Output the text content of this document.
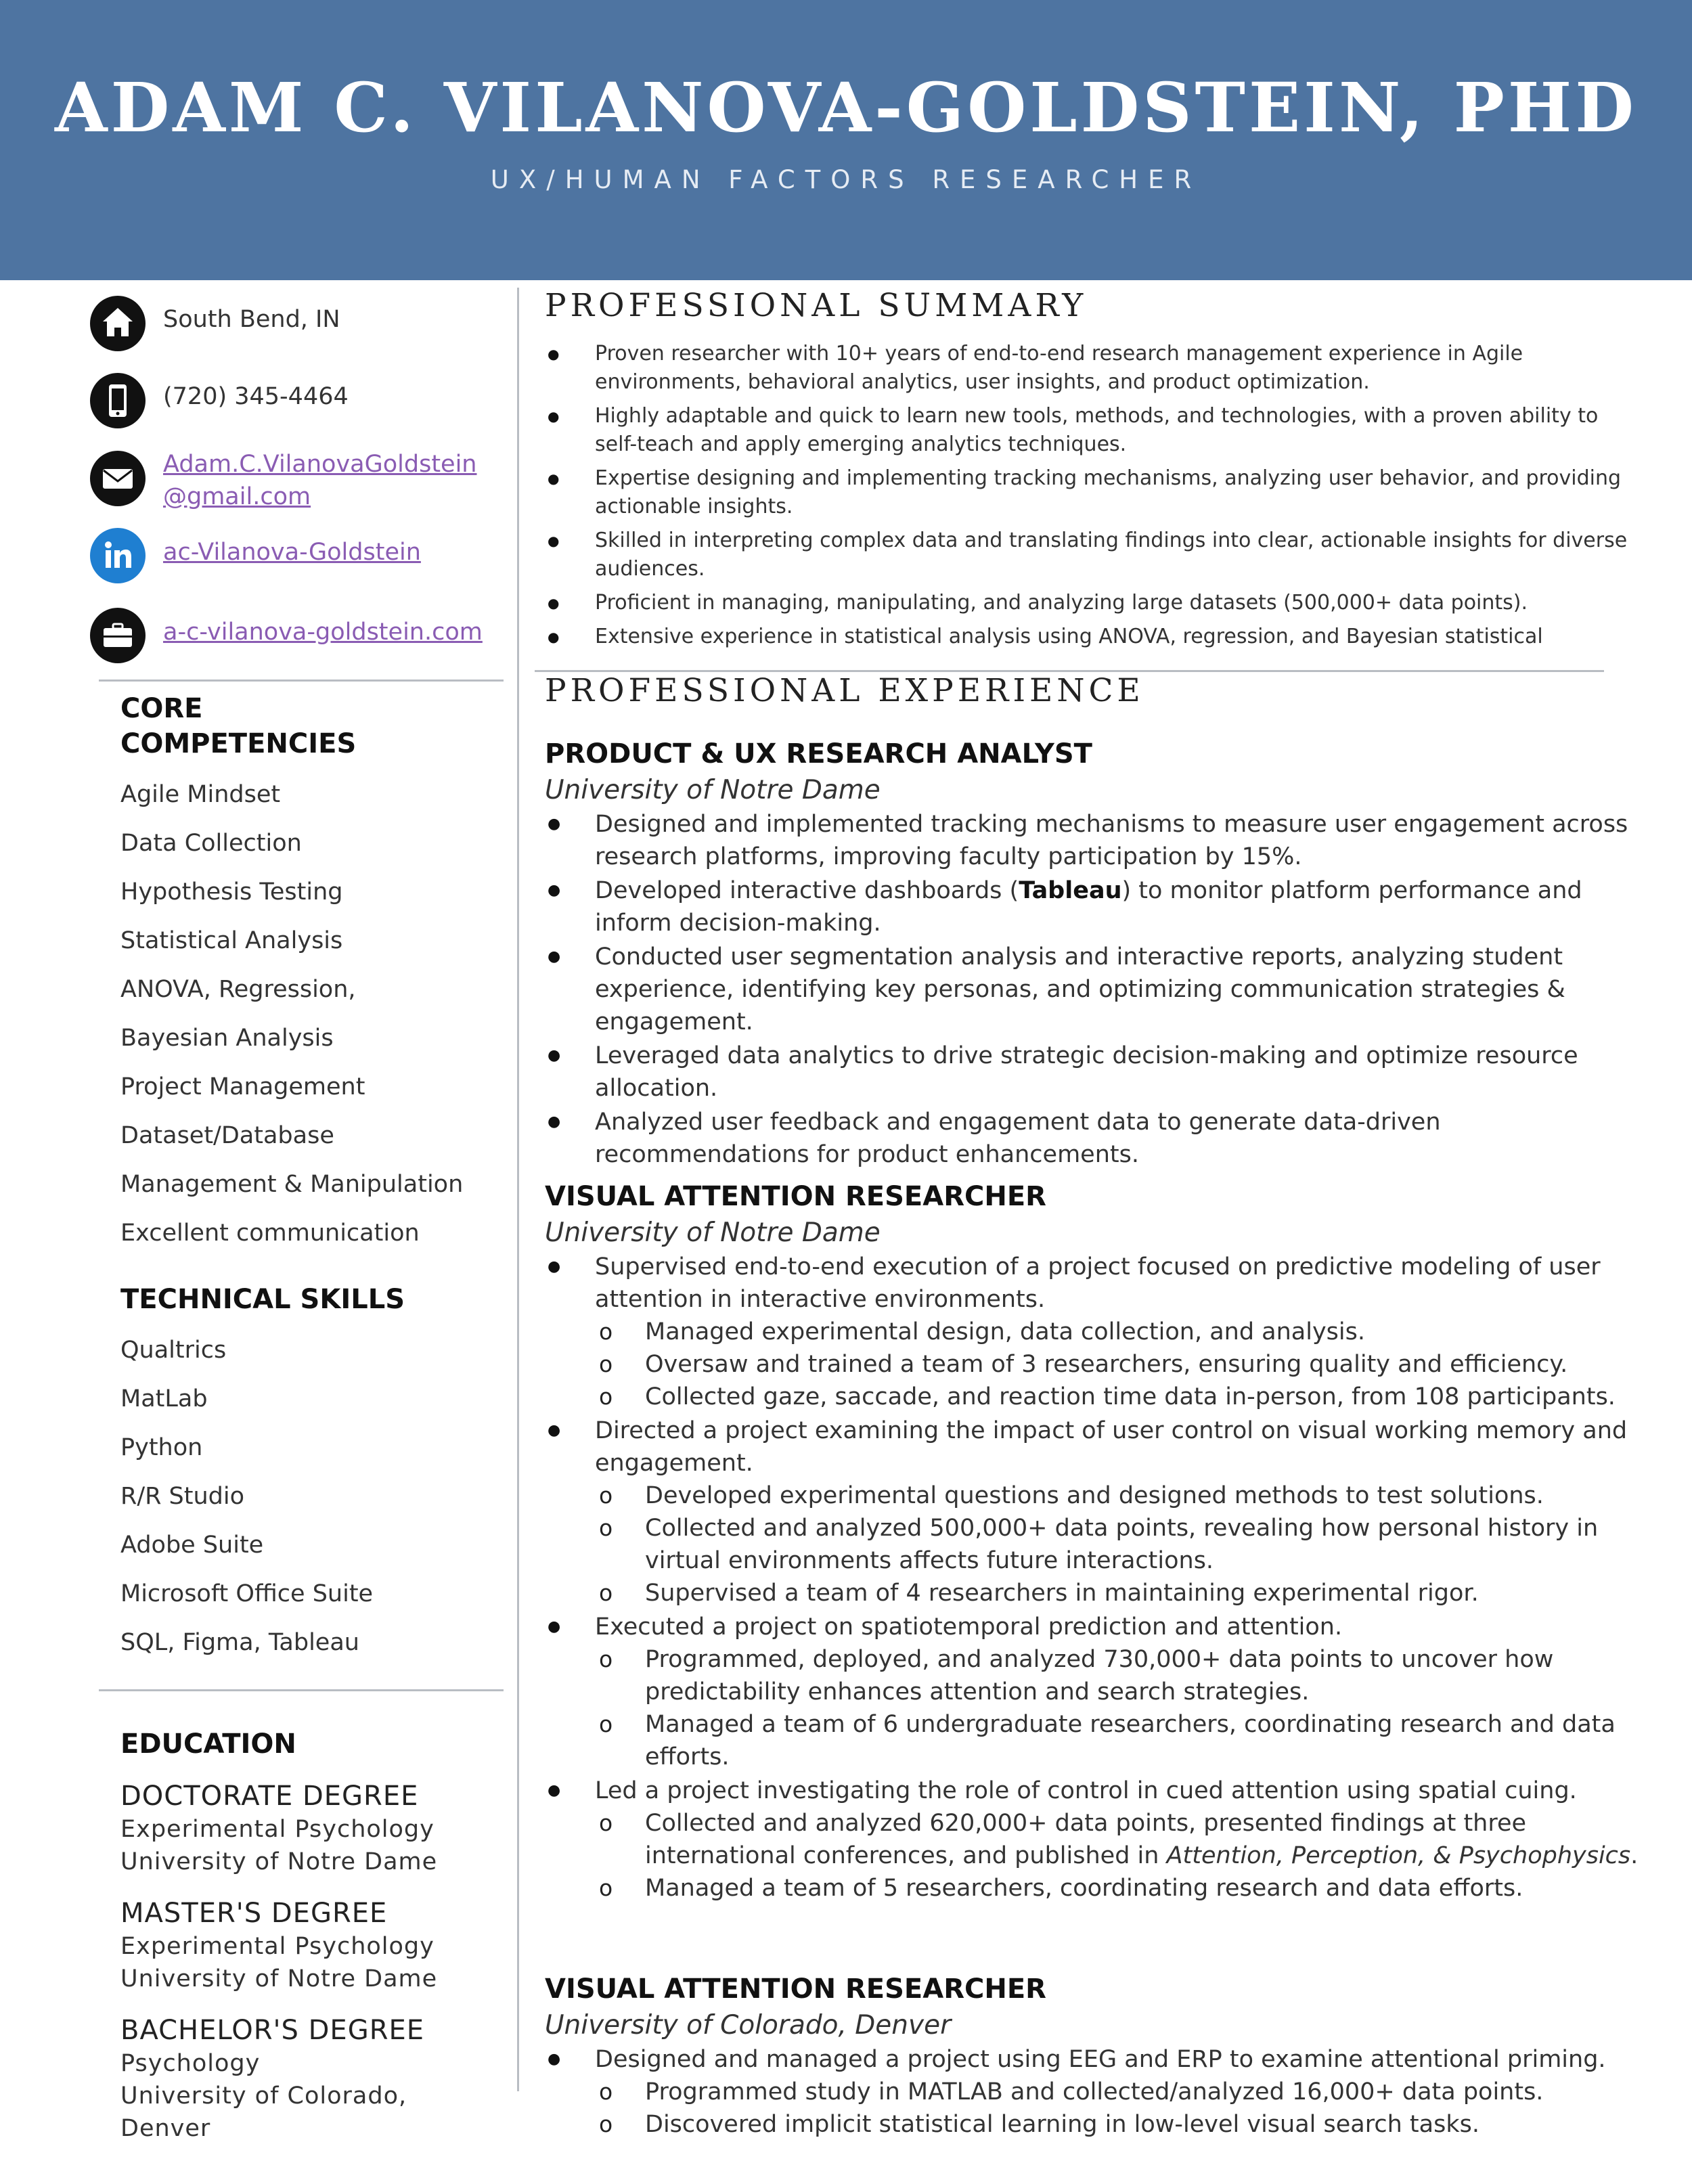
ADAM C. VILANOVA-GOLDSTEIN, PHD
UX/HUMAN FACTORS RESEARCHER
South Bend, IN
(720) 345-4464
Adam.C.VilanovaGoldstein
@gmail.com
ac-Vilanova-Goldstein
a-c-vilanova-goldstein.com
CORE
COMPETENCIES
Agile Mindset
Data Collection
Hypothesis Testing
Statistical Analysis
ANOVA, Regression,
Bayesian Analysis
Project Management
Dataset/Database
Management & Manipulation
Excellent communication
TECHNICAL SKILLS
Qualtrics
MatLab
Python
R/R Studio
Adobe Suite
Microsoft Office Suite
SQL, Figma, Tableau
EDUCATION
DOCTORATE DEGREE
Experimental Psychology
University of Notre Dame
MASTER'S DEGREE
Experimental Psychology
University of Notre Dame
BACHELOR'S DEGREE
Psychology
University of Colorado,
Denver
PROFESSIONAL SUMMARY
● Proven researcher with 10+ years of end-to-end research management experience in Agile environments, behavioral analytics, user insights, and product optimization.
● Highly adaptable and quick to learn new tools, methods, and technologies, with a proven ability to self-teach and apply emerging analytics techniques.
● Expertise designing and implementing tracking mechanisms, analyzing user behavior, and providing actionable insights.
● Skilled in interpreting complex data and translating findings into clear, actionable insights for diverse audiences.
● Proficient in managing, manipulating, and analyzing large datasets (500,000+ data points).
● Extensive experience in statistical analysis using ANOVA, regression, and Bayesian statistical
PROFESSIONAL EXPERIENCE
PRODUCT & UX RESEARCH ANALYST
University of Notre Dame
● Designed and implemented tracking mechanisms to measure user engagement across research platforms, improving faculty participation by 15%.
● Developed interactive dashboards (Tableau) to monitor platform performance and inform decision-making.
● Conducted user segmentation analysis and interactive reports, analyzing student experience, identifying key personas, and optimizing communication strategies & engagement.
● Leveraged data analytics to drive strategic decision-making and optimize resource allocation.
● Analyzed user feedback and engagement data to generate data-driven recommendations for product enhancements.
VISUAL ATTENTION RESEARCHER
University of Notre Dame
● Supervised end-to-end execution of a project focused on predictive modeling of user attention in interactive environments.
o Managed experimental design, data collection, and analysis.
o Oversaw and trained a team of 3 researchers, ensuring quality and efficiency.
o Collected gaze, saccade, and reaction time data in-person, from 108 participants.
● Directed a project examining the impact of user control on visual working memory and engagement.
o Developed experimental questions and designed methods to test solutions.
o Collected and analyzed 500,000+ data points, revealing how personal history in virtual environments affects future interactions.
o Supervised a team of 4 researchers in maintaining experimental rigor.
● Executed a project on spatiotemporal prediction and attention.
o Programmed, deployed, and analyzed 730,000+ data points to uncover how predictability enhances attention and search strategies.
o Managed a team of 6 undergraduate researchers, coordinating research and data efforts.
● Led a project investigating the role of control in cued attention using spatial cuing.
o Collected and analyzed 620,000+ data points, presented findings at three international conferences, and published in Attention, Perception, & Psychophysics.
o Managed a team of 5 researchers, coordinating research and data efforts.
VISUAL ATTENTION RESEARCHER
University of Colorado, Denver
● Designed and managed a project using EEG and ERP to examine attentional priming.
o Programmed study in MATLAB and collected/analyzed 16,000+ data points.
o Discovered implicit statistical learning in low-level visual search tasks.
